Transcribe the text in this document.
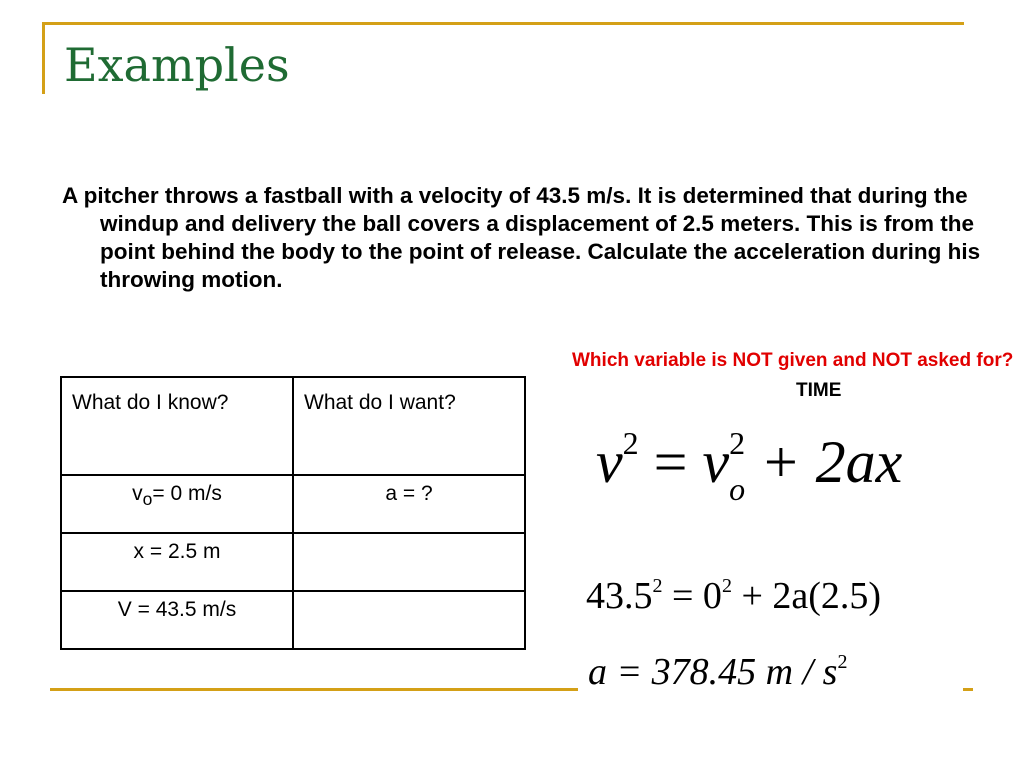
Examples

A pitcher throws a fastball with a velocity of 43.5 m/s. It is determined that during the windup and delivery the ball covers a displacement of 2.5 meters. This is from the point behind the body to the point of release. Calculate the acceleration during his throwing motion.

Which variable is NOT given and NOT asked for?
TIME
What do I know?	What do I want?
$v_o= 0$ m/s	a = ?
x = 2.5 m	
V = 43.5 m/s	
$v^2 = v^2_o + 2ax$
$43.5^2 = 0^2 + 2a(2.5)$
a = 378.45 m / $s^2$
